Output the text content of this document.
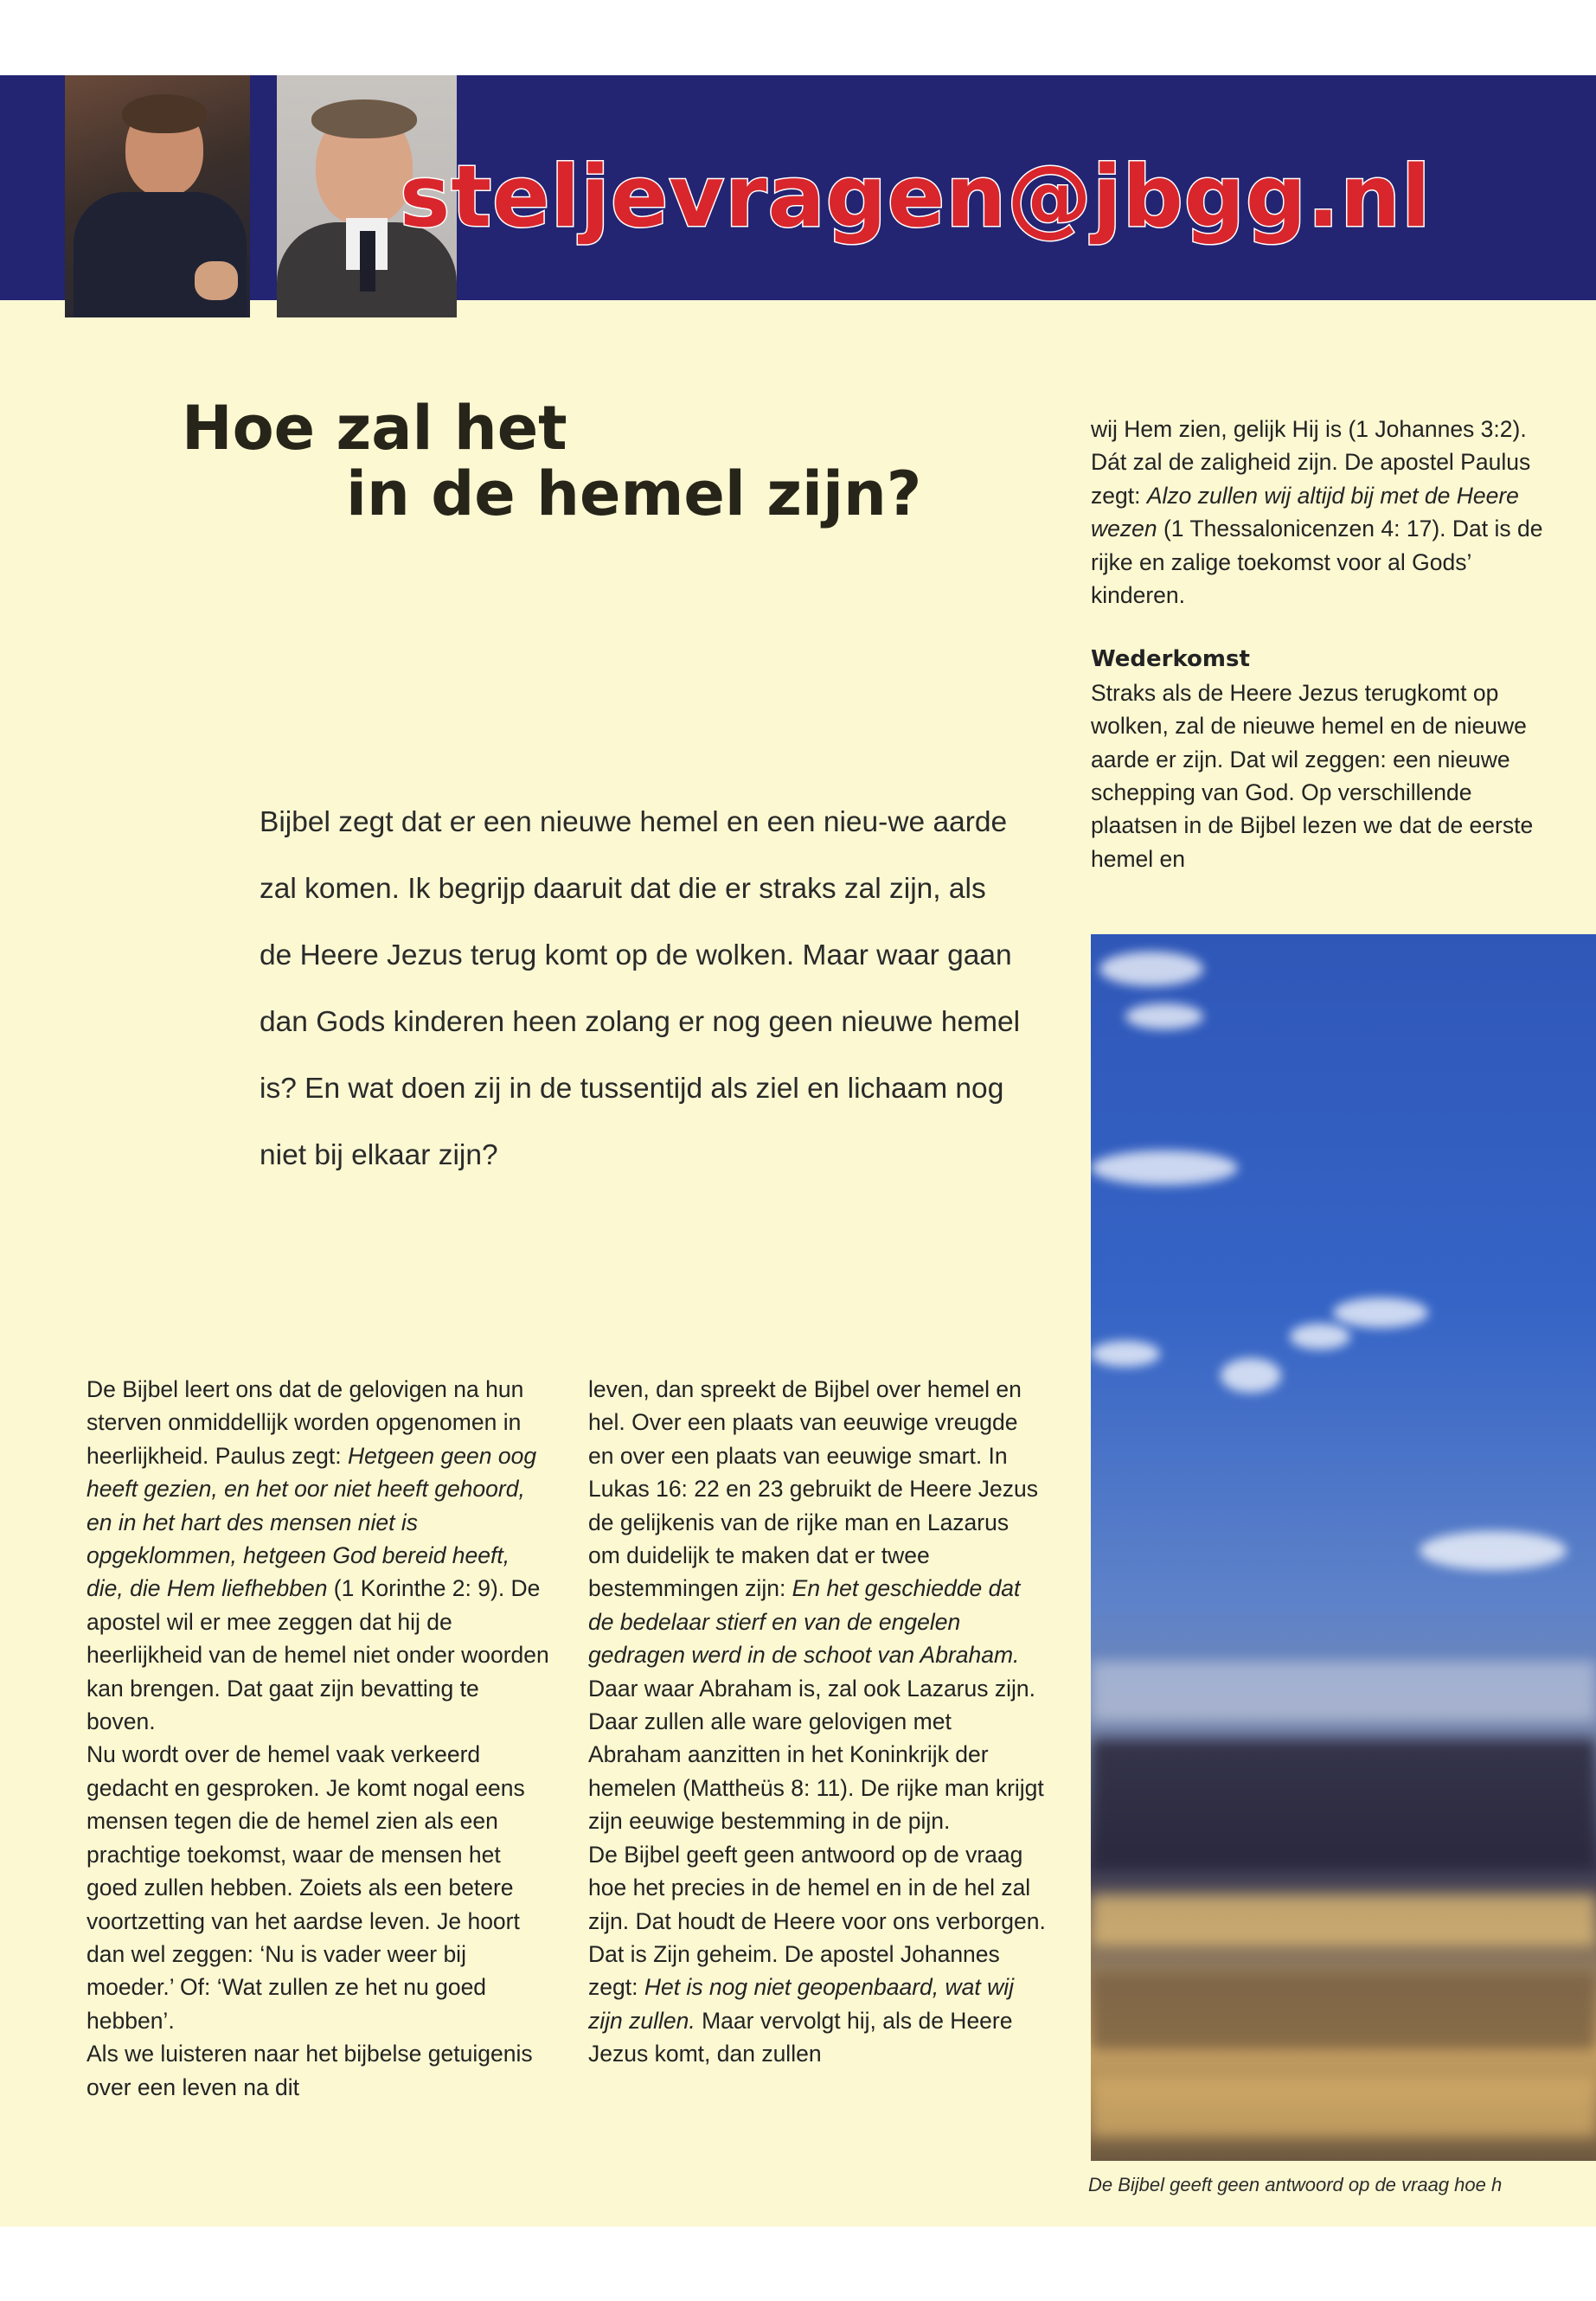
steljevragen@jbgg.nl
Hoe zal het
in de hemel zijn?
Bijbel zegt dat er een nieuwe hemel en een nieu-we aarde zal komen. Ik begrijp daaruit dat die er straks zal zijn, als de Heere Jezus terug komt op de wolken. Maar waar gaan dan Gods kinderen heen zolang er nog geen nieuwe hemel is? En wat doen zij in de tussentijd als ziel en lichaam nog niet bij elkaar zijn?

De Bijbel leert ons dat de gelovigen na hun sterven onmiddellijk worden opgenomen in heerlijkheid. Paulus zegt: Hetgeen geen oog heeft gezien, en het oor niet heeft gehoord, en in het hart des mensen niet is opgeklommen, hetgeen God bereid heeft, die, die Hem liefhebben (1 Korinthe 2: 9). De apostel wil er mee zeggen dat hij de heerlijkheid van de hemel niet onder woorden kan brengen. Dat gaat zijn bevatting te boven.

Nu wordt over de hemel vaak verkeerd gedacht en gesproken. Je komt nogal eens mensen tegen die de hemel zien als een prachtige toekomst, waar de mensen het goed zullen hebben. Zoiets als een betere voortzetting van het aardse leven. Je hoort dan wel zeggen: ‘Nu is vader weer bij moeder.’ Of: ‘Wat zullen ze het nu goed hebben’.

Als we luisteren naar het bijbelse getuigenis over een leven na dit

leven, dan spreekt de Bijbel over hemel en hel. Over een plaats van eeuwige vreugde en over een plaats van eeuwige smart. In Lukas 16: 22 en 23 gebruikt de Heere Jezus de gelijkenis van de rijke man en Lazarus om duidelijk te maken dat er twee bestemmingen zijn: En het geschiedde dat de bedelaar stierf en van de engelen gedragen werd in de schoot van Abraham. Daar waar Abraham is, zal ook Lazarus zijn. Daar zullen alle ware gelovigen met Abraham aanzitten in het Koninkrijk der hemelen (Mattheüs 8: 11). De rijke man krijgt zijn eeuwige bestemming in de pijn.

De Bijbel geeft geen antwoord op de vraag hoe het precies in de hemel en in de hel zal zijn. Dat houdt de Heere voor ons verborgen. Dat is Zijn geheim. De apostel Johannes zegt: Het is nog niet geopenbaard, wat wij zijn zullen. Maar vervolgt hij, als de Heere Jezus komt, dan zullen

wij Hem zien, gelijk Hij is (1 Johannes 3:2). Dát zal de zaligheid zijn. De apostel Paulus zegt: Alzo zullen wij altijd bij met de Heere wezen (1 Thessalonicenzen 4: 17). Dat is de rijke en zalige toekomst voor al Gods’ kinderen.

Wederkomst

Straks als de Heere Jezus terugkomt op wolken, zal de nieuwe hemel en de nieuwe aarde er zijn. Dat wil zeggen: een nieuwe schepping van God. Op verschillende plaatsen in de Bijbel lezen we dat de eerste hemel en

De Bijbel geeft geen antwoord op de vraag hoe h
